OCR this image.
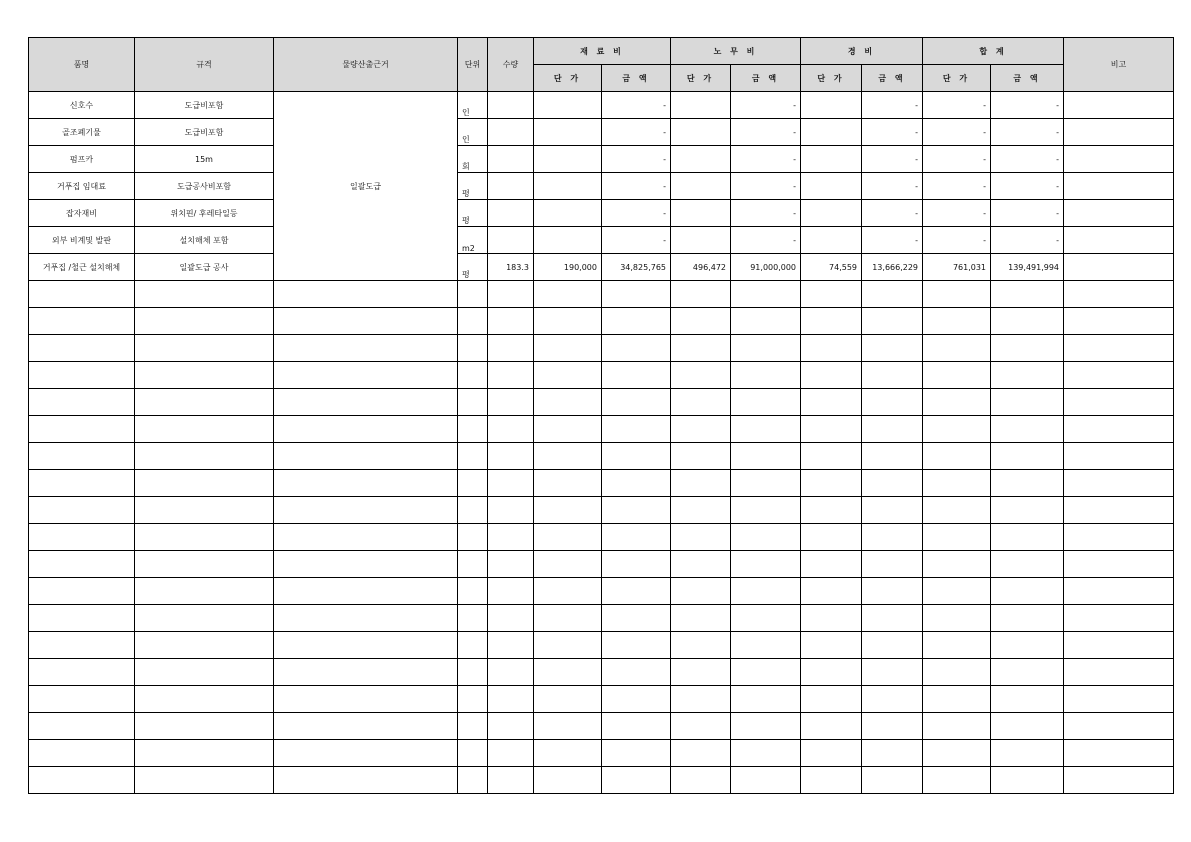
품명	규격	물량산출근거	단위	수량	재 료 비		노 무 비		경 비		합 계		비고
					단 가	금 액	단 가	금 액	단 가	금 액	단 가	금 액	
신호수	도급비포함	일괄도급	인			-		-		-	-	-	
골조폐기물	도급비포함		인			-		-		-	-	-	
펌프카	15m		회			-		-		-	-	-	
거푸집 임대료	도급공사비포함		평			-		-		-	-	-	
잡자재비	위치핀/ 후레타일등		평			-		-		-	-	-	
외부 비계및 발판	설치해체 포함		m2			-		-		-	-	-	
거푸집 /철근 설치해체	일괄도급 공사		평	183.3	190,000	34,825,765	496,472	91,000,000	74,559	13,666,229	761,031	139,491,994	
